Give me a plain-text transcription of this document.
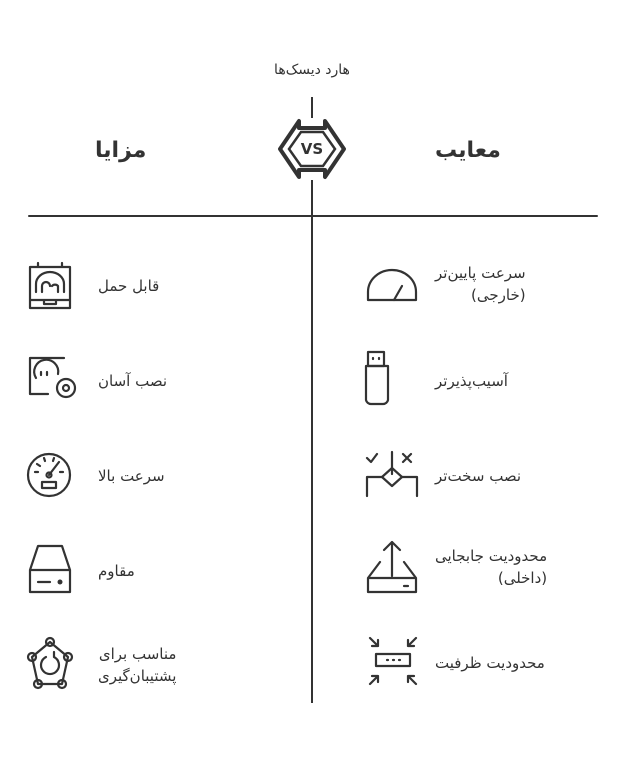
هارد دیسک‌ها
VS
مزایا	معایب
قابل حمل
نصب آسان
سرعت بالا
مقاوم
مناسب برای
پشتیبان‌گیری
سرعت پایین‌تر
(خارجی)
آسیب‌پذیرتر
نصب سخت‌تر
محدودیت جابجایی
(داخلی)
محدودیت ظرفیت
